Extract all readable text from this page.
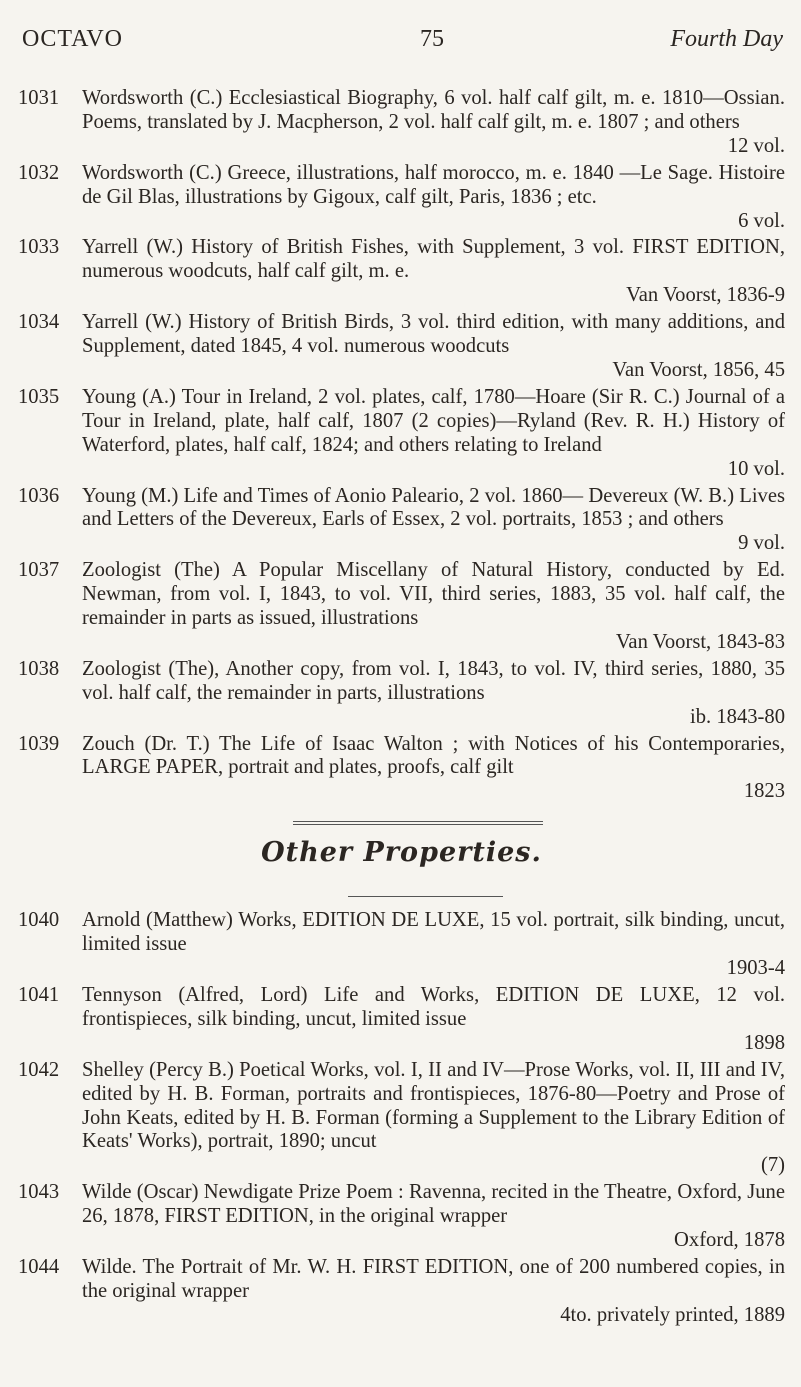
OCTAVO	75	Fourth Day
1031	Wordsworth (C.) Ecclesiastical Biography, 6 vol. half calf gilt, m. e. 1810—Ossian. Poems, translated by J. Macpherson, 2 vol. half calf gilt, m. e. 1807 ; and others
12 vol.
1032	Wordsworth (C.) Greece, illustrations, half morocco, m. e. 1840 —Le Sage. Histoire de Gil Blas, illustrations by Gigoux, calf gilt, Paris, 1836 ; etc.
6 vol.
1033	Yarrell (W.) History of British Fishes, with Supplement, 3 vol. FIRST EDITION, numerous woodcuts, half calf gilt, m. e.
Van Voorst, 1836-9
1034	Yarrell (W.) History of British Birds, 3 vol. third edition, with many additions, and Supplement, dated 1845, 4 vol. numerous woodcuts
Van Voorst, 1856, 45
1035	Young (A.) Tour in Ireland, 2 vol. plates, calf, 1780—Hoare (Sir R. C.) Journal of a Tour in Ireland, plate, half calf, 1807 (2 copies)—Ryland (Rev. R. H.) History of Waterford, plates, half calf, 1824; and others relating to Ireland
10 vol.
1036	Young (M.) Life and Times of Aonio Paleario, 2 vol. 1860— Devereux (W. B.) Lives and Letters of the Devereux, Earls of Essex, 2 vol. portraits, 1853 ; and others
9 vol.
1037	Zoologist (The) A Popular Miscellany of Natural History, conducted by Ed. Newman, from vol. I, 1843, to vol. VII, third series, 1883, 35 vol. half calf, the remainder in parts as issued, illustrations
Van Voorst, 1843-83
1038	Zoologist (The), Another copy, from vol. I, 1843, to vol. IV, third series, 1880, 35 vol. half calf, the remainder in parts, illustrations
ib. 1843-80
1039	Zouch (Dr. T.) The Life of Isaac Walton ; with Notices of his Contemporaries, LARGE PAPER, portrait and plates, proofs, calf gilt
1823
Other Properties.
1040	Arnold (Matthew) Works, EDITION DE LUXE, 15 vol. portrait, silk binding, uncut, limited issue
1903-4
1041	Tennyson (Alfred, Lord) Life and Works, EDITION DE LUXE, 12 vol. frontispieces, silk binding, uncut, limited issue
1898
1042	Shelley (Percy B.) Poetical Works, vol. I, II and IV—Prose Works, vol. II, III and IV, edited by H. B. Forman, portraits and frontispieces, 1876-80—Poetry and Prose of John Keats, edited by H. B. Forman (forming a Supplement to the Library Edition of Keats' Works), portrait, 1890; uncut
(7)
1043	Wilde (Oscar) Newdigate Prize Poem : Ravenna, recited in the Theatre, Oxford, June 26, 1878, FIRST EDITION, in the original wrapper
Oxford, 1878
1044	Wilde. The Portrait of Mr. W. H. FIRST EDITION, one of 200 numbered copies, in the original wrapper
4to. privately printed, 1889
